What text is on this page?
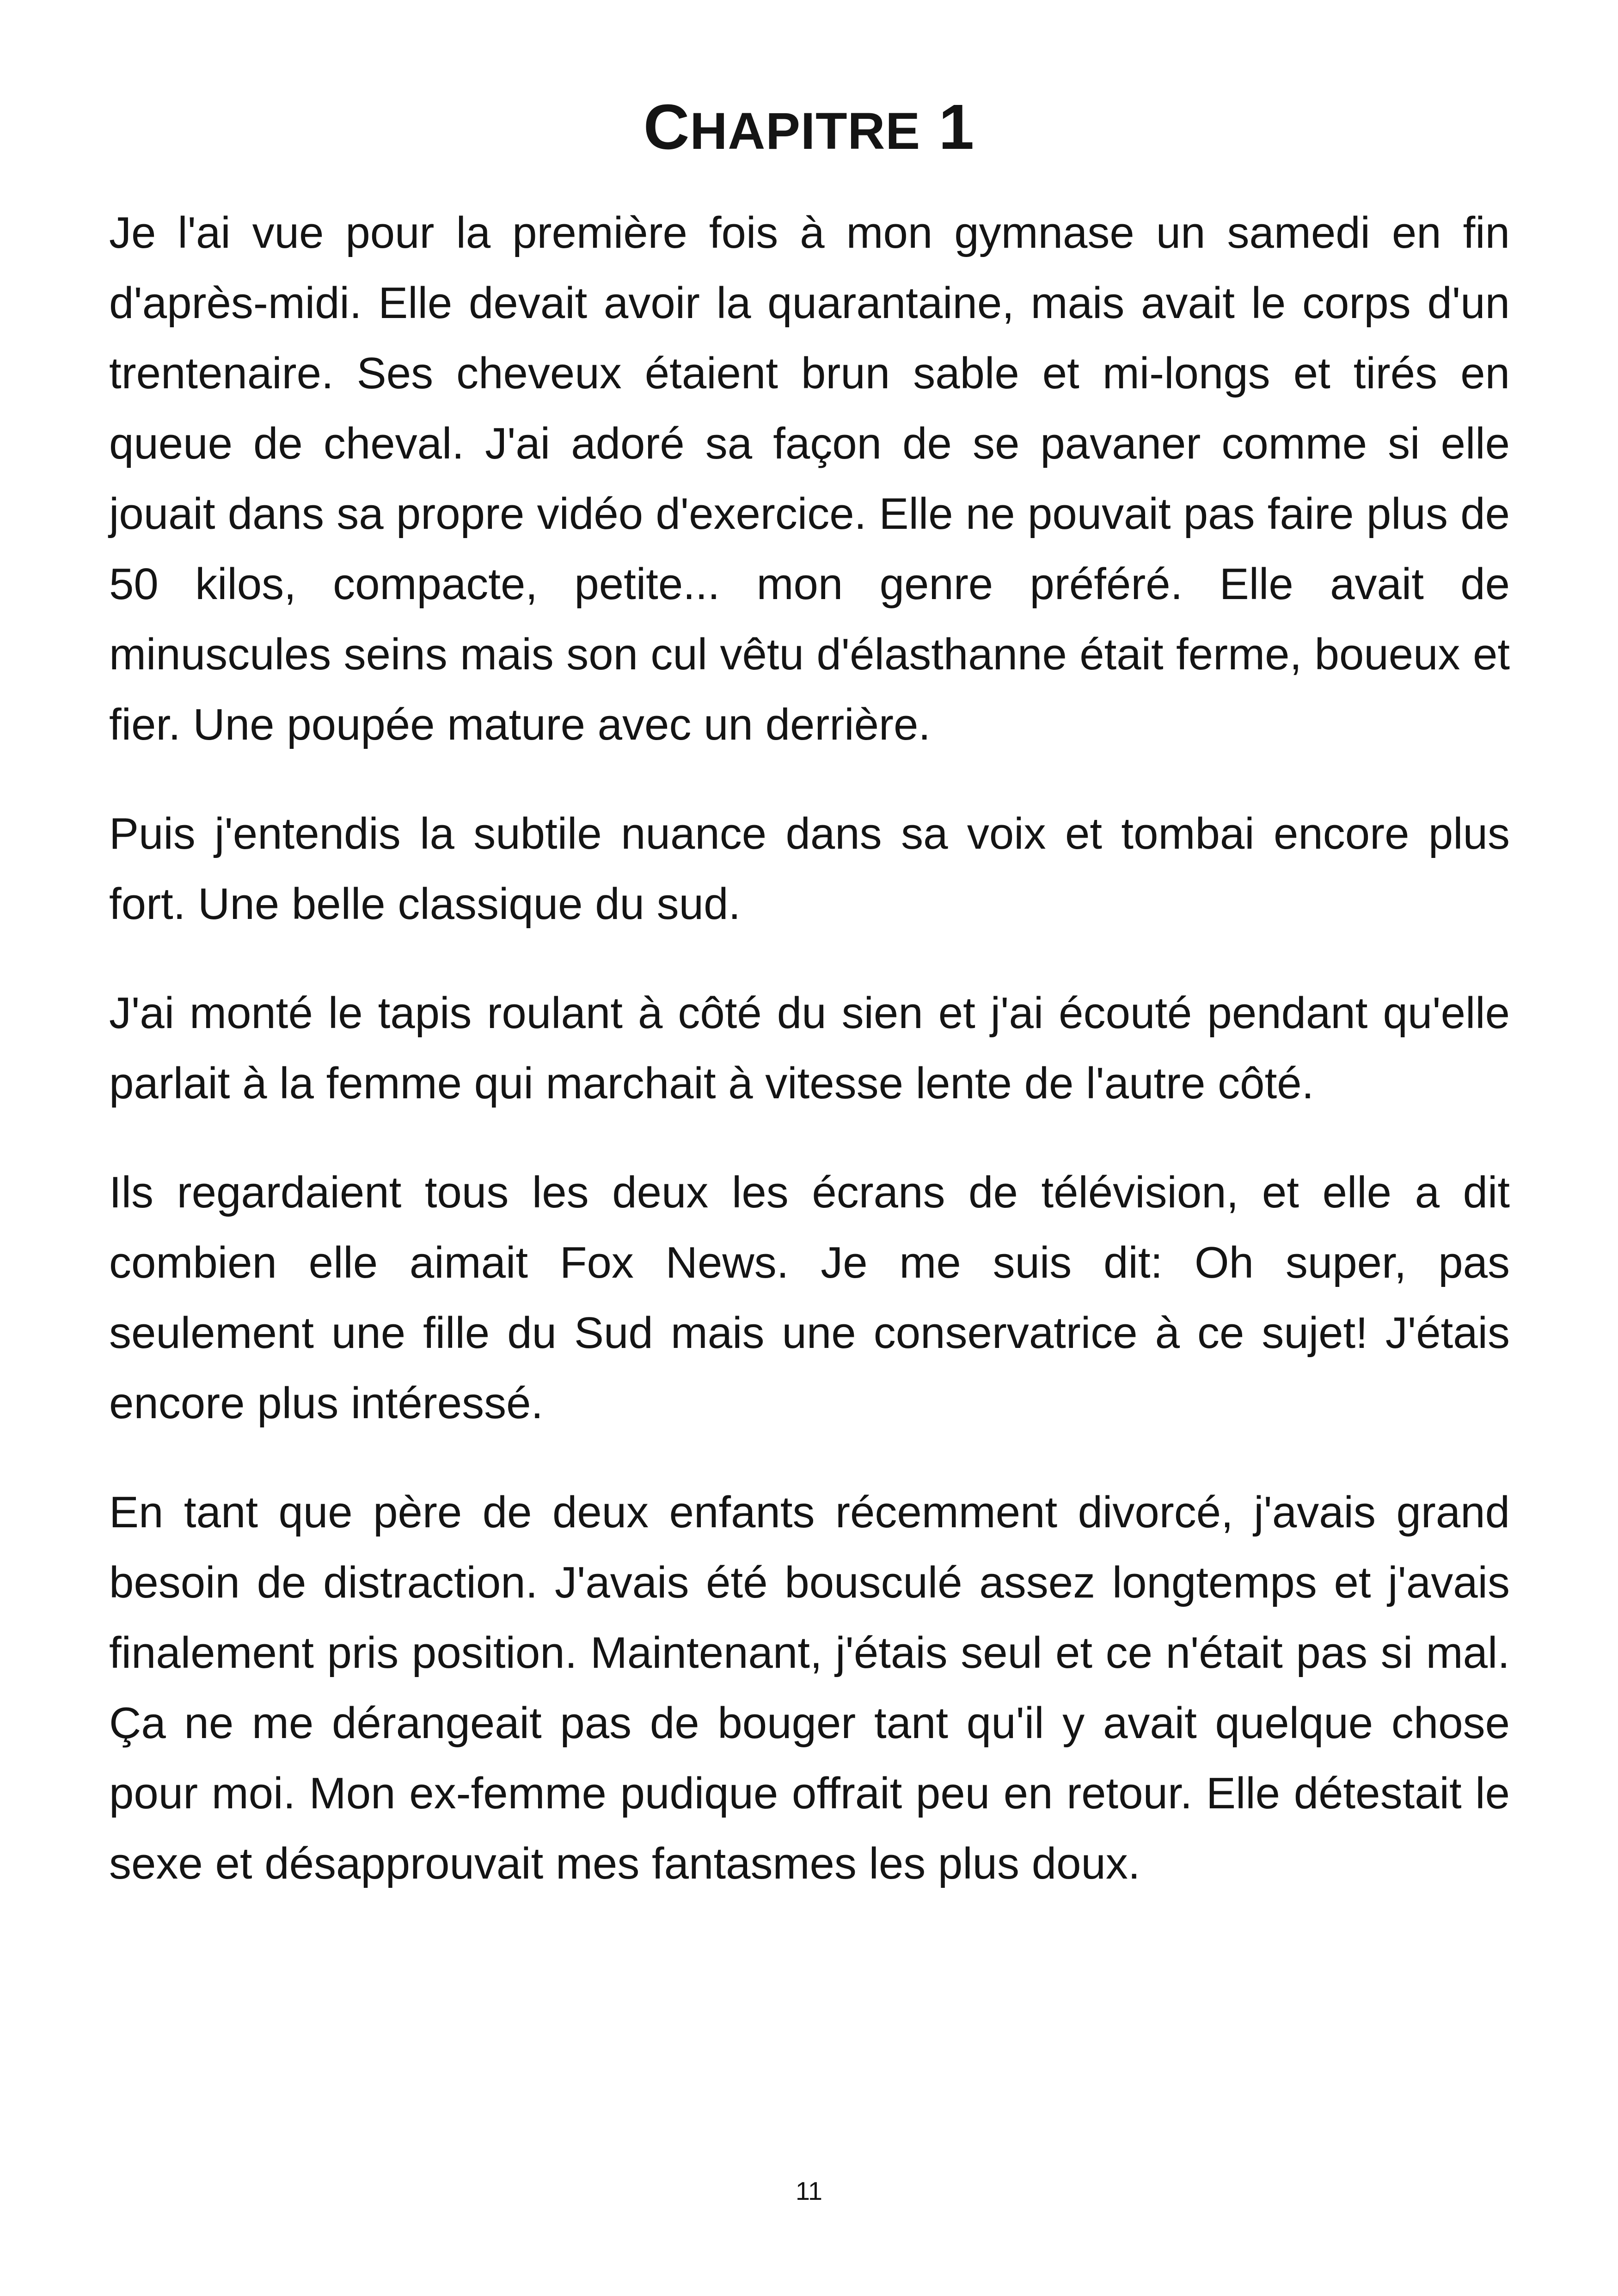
CHAPITRE 1

Je l'ai vue pour la première fois à mon gymnase un samedi en fin d'après-midi. Elle devait avoir la quarantaine, mais avait le corps d'un trentenaire. Ses cheveux étaient brun sable et mi-longs et tirés en queue de cheval. J'ai adoré sa façon de se pavaner comme si elle jouait dans sa propre vidéo d'exercice. Elle ne pouvait pas faire plus de 50 kilos, compacte, petite... mon genre préféré. Elle avait de minuscules seins mais son cul vêtu d'élasthanne était ferme, boueux et fier. Une poupée mature avec un derrière.

Puis j'entendis la subtile nuance dans sa voix et tombai encore plus fort. Une belle classique du sud.

J'ai monté le tapis roulant à côté du sien et j'ai écouté pendant qu'elle parlait à la femme qui marchait à vitesse lente de l'autre côté.

Ils regardaient tous les deux les écrans de télévision, et elle a dit combien elle aimait Fox News. Je me suis dit: Oh super, pas seulement une fille du Sud mais une conservatrice à ce sujet! J'étais encore plus intéressé.

En tant que père de deux enfants récemment divorcé, j'avais grand besoin de distraction. J'avais été bousculé assez longtemps et j'avais finalement pris position. Maintenant, j'étais seul et ce n'était pas si mal. Ça ne me dérangeait pas de bouger tant qu'il y avait quelque chose pour moi. Mon ex-femme pudique offrait peu en retour. Elle détestait le sexe et désapprouvait mes fantasmes les plus doux.

11
